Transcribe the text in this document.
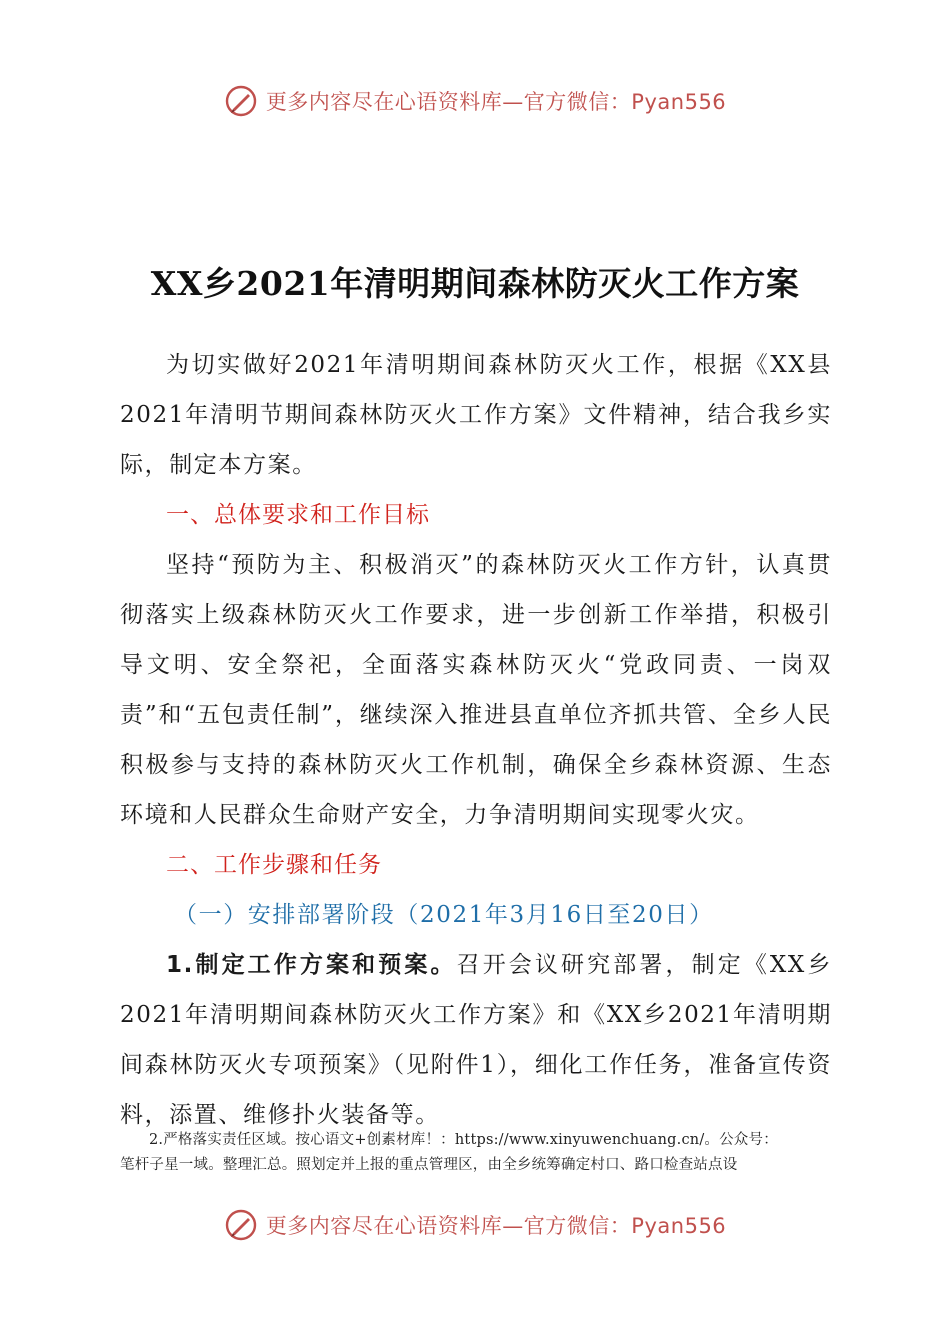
更多内容尽在心语资料库—官方微信：Pyan556
XX乡2021年清明期间森林防灭火工作方案

为切实做好2021年清明期间森林防灭火工作，根据《XX县2021年清明节期间森林防灭火工作方案》文件精神，结合我乡实际，制定本方案。

一、总体要求和工作目标

坚持“预防为主、积极消灭”的森林防灭火工作方针，认真贯彻落实上级森林防灭火工作要求，进一步创新工作举措，积极引导文明、安全祭祀，全面落实森林防灭火“党政同责、一岗双责”和“五包责任制”，继续深入推进县直单位齐抓共管、全乡人民积极参与支持的森林防灭火工作机制，确保全乡森林资源、生态环境和人民群众生命财产安全，力争清明期间实现零火灾。

二、工作步骤和任务

（一）安排部署阶段（2021年3月16日至20日）

1.制定工作方案和预案。召开会议研究部署，制定《XX乡2021年清明期间森林防灭火工作方案》和《XX乡2021年清明期间森林防灭火专项预案》（见附件1），细化工作任务，准备宣传资料，添置、维修扑火装备等。

2.严格落实责任区域。按心语文+创素材库！：https://www.xinyuwenchuang.cn/。公众号：

笔杆子星一域。整理汇总。照划定并上报的重点管理区，由全乡统筹确定村口、路口检查站点设

更多内容尽在心语资料库—官方微信：Pyan556
